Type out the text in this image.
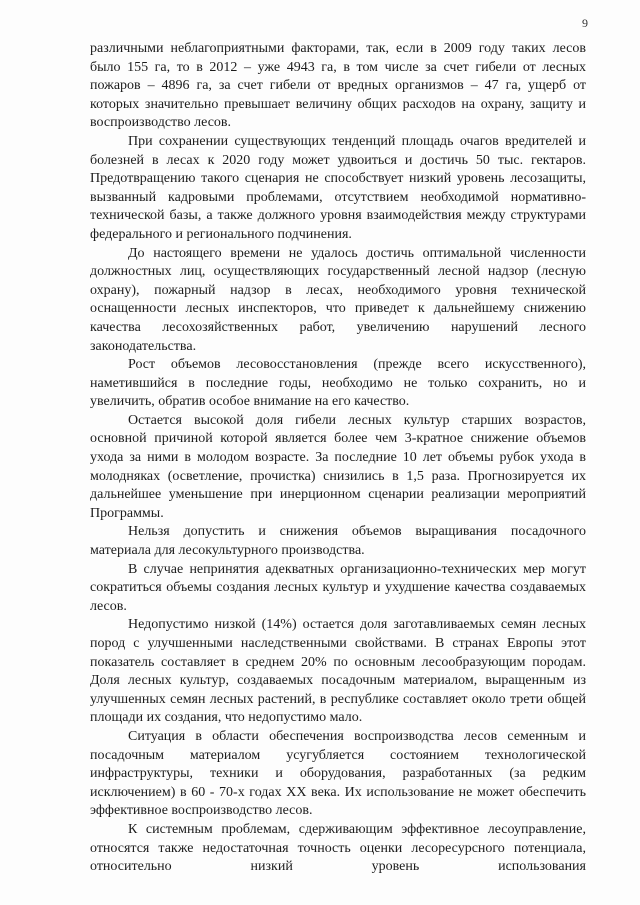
9

различными неблагоприятными факторами, так, если в 2009 году таких лесов было 155 га, то в 2012 – уже 4943 га, в том числе за счет гибели от лесных пожаров – 4896 га, за счет гибели от вредных организмов – 47 га, ущерб от которых значительно превышает величину общих расходов на охрану, защиту и воспроизводство лесов.

При сохранении существующих тенденций площадь очагов вредителей и болезней в лесах к 2020 году может удвоиться и достичь 50 тыс. гектаров. Предотвращению такого сценария не способствует низкий уровень лесозащиты, вызванный кадровыми проблемами, отсутствием необходимой нормативно-технической базы, а также должного уровня взаимодействия между структурами федерального и регионального подчинения.

До настоящего времени не удалось достичь оптимальной численности должностных лиц, осуществляющих государственный лесной надзор (лесную охрану), пожарный надзор в лесах, необходимого уровня технической оснащенности лесных инспекторов, что приведет к дальнейшему снижению качества лесохозяйственных работ, увеличению нарушений лесного законодательства.

Рост объемов лесовосстановления (прежде всего искусственного), наметившийся в последние годы, необходимо не только сохранить, но и увеличить, обратив особое внимание на его качество.

Остается высокой доля гибели лесных культур старших возрастов, основной причиной которой является более чем 3-кратное снижение объемов ухода за ними в молодом возрасте. За последние 10 лет объемы рубок ухода в молодняках (осветление, прочистка) снизились в 1,5 раза. Прогнозируется их дальнейшее уменьшение при инерционном сценарии реализации мероприятий Программы.

Нельзя допустить и снижения объемов выращивания посадочного материала для лесокультурного производства.

В случае непринятия адекватных организационно-технических мер могут сократиться объемы создания лесных культур и ухудшение качества создаваемых лесов.

Недопустимо низкой (14%) остается доля заготавливаемых семян лесных пород с улучшенными наследственными свойствами. В странах Европы этот показатель составляет в среднем 20% по основным лесообразующим породам. Доля лесных культур, создаваемых посадочным материалом, выращенным из улучшенных семян лесных растений, в республике составляет около трети общей площади их создания, что недопустимо мало.

Ситуация в области обеспечения воспроизводства лесов семенным и посадочным материалом усугубляется состоянием технологической инфраструктуры, техники и оборудования, разработанных (за редким исключением) в 60 - 70-х годах XX века. Их использование не может обеспечить эффективное воспроизводство лесов.

К системным проблемам, сдерживающим эффективное лесоуправление, относятся также недостаточная точность оценки лесоресурсного потенциала, относительно низкий уровень использования
